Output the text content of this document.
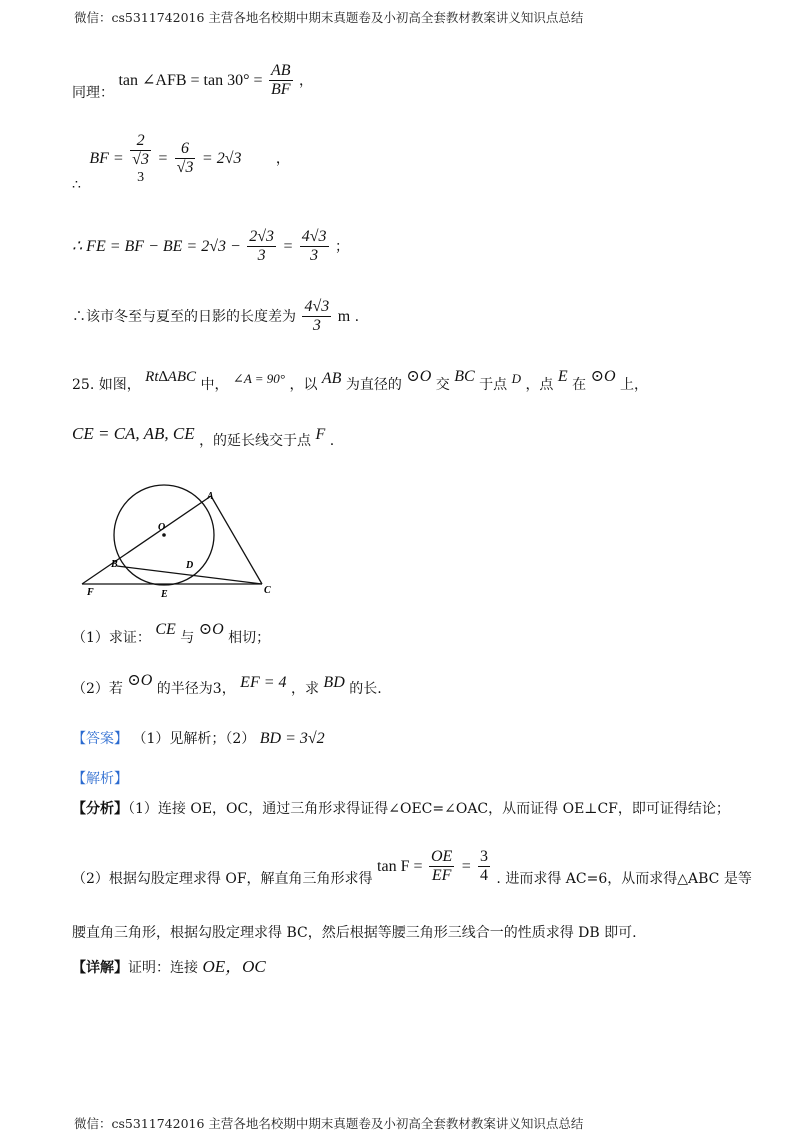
微信：cs5311742016 主营各地名校期中期末真题卷及小初高全套教材教案讲义知识点总结
同理： tan ∠AFB = $\tan 30^\circ = \frac{AB}{BF}$ ，
∴ BF =
2
√3
3
= $\frac{6}{√3} = 2√3$ ，
∴ FE = BF − BE = $2√3 - \frac{2√3}{3} = \frac{4√3}{3}$ ；
∴该市冬至与夏至的日影的长度差为 $\frac{4√3}{3}$ m .
25. 如图， Rt∆ABC 中， ∠A = 90° ，以 AB 为直径的 ⊙O 交 BC 于点 D ，点 E 在 ⊙O 上，
CE = CA, AB, CE ，的延长线交于点 F .
A
O
B	D
F	E	C
（1）求证： CE 与 ⊙O 相切；
（2）若 ⊙O 的半径为3， EF = 4 ，求 BD 的长.
【答案】 （1）见解析；（2） BD = 3√2
【解析】
【分析】（1）连接 OE，OC，通过三角形求得证得∠OEC=∠OAC，从而证得 OE⊥CF，即可证得结论；
（2）根据勾股定理求得 OF，解直角三角形求得 $\tan F = \frac{OE}{EF} = \frac{3}{4}$ . 进而求得 AC=6，从而求得△ABC 是等
腰直角三角形，根据勾股定理求得 BC，然后根据等腰三角形三线合一的性质求得 DB 即可.
【详解】证明：连接 OE，OC
微信：cs5311742016 主营各地名校期中期末真题卷及小初高全套教材教案讲义知识点总结
